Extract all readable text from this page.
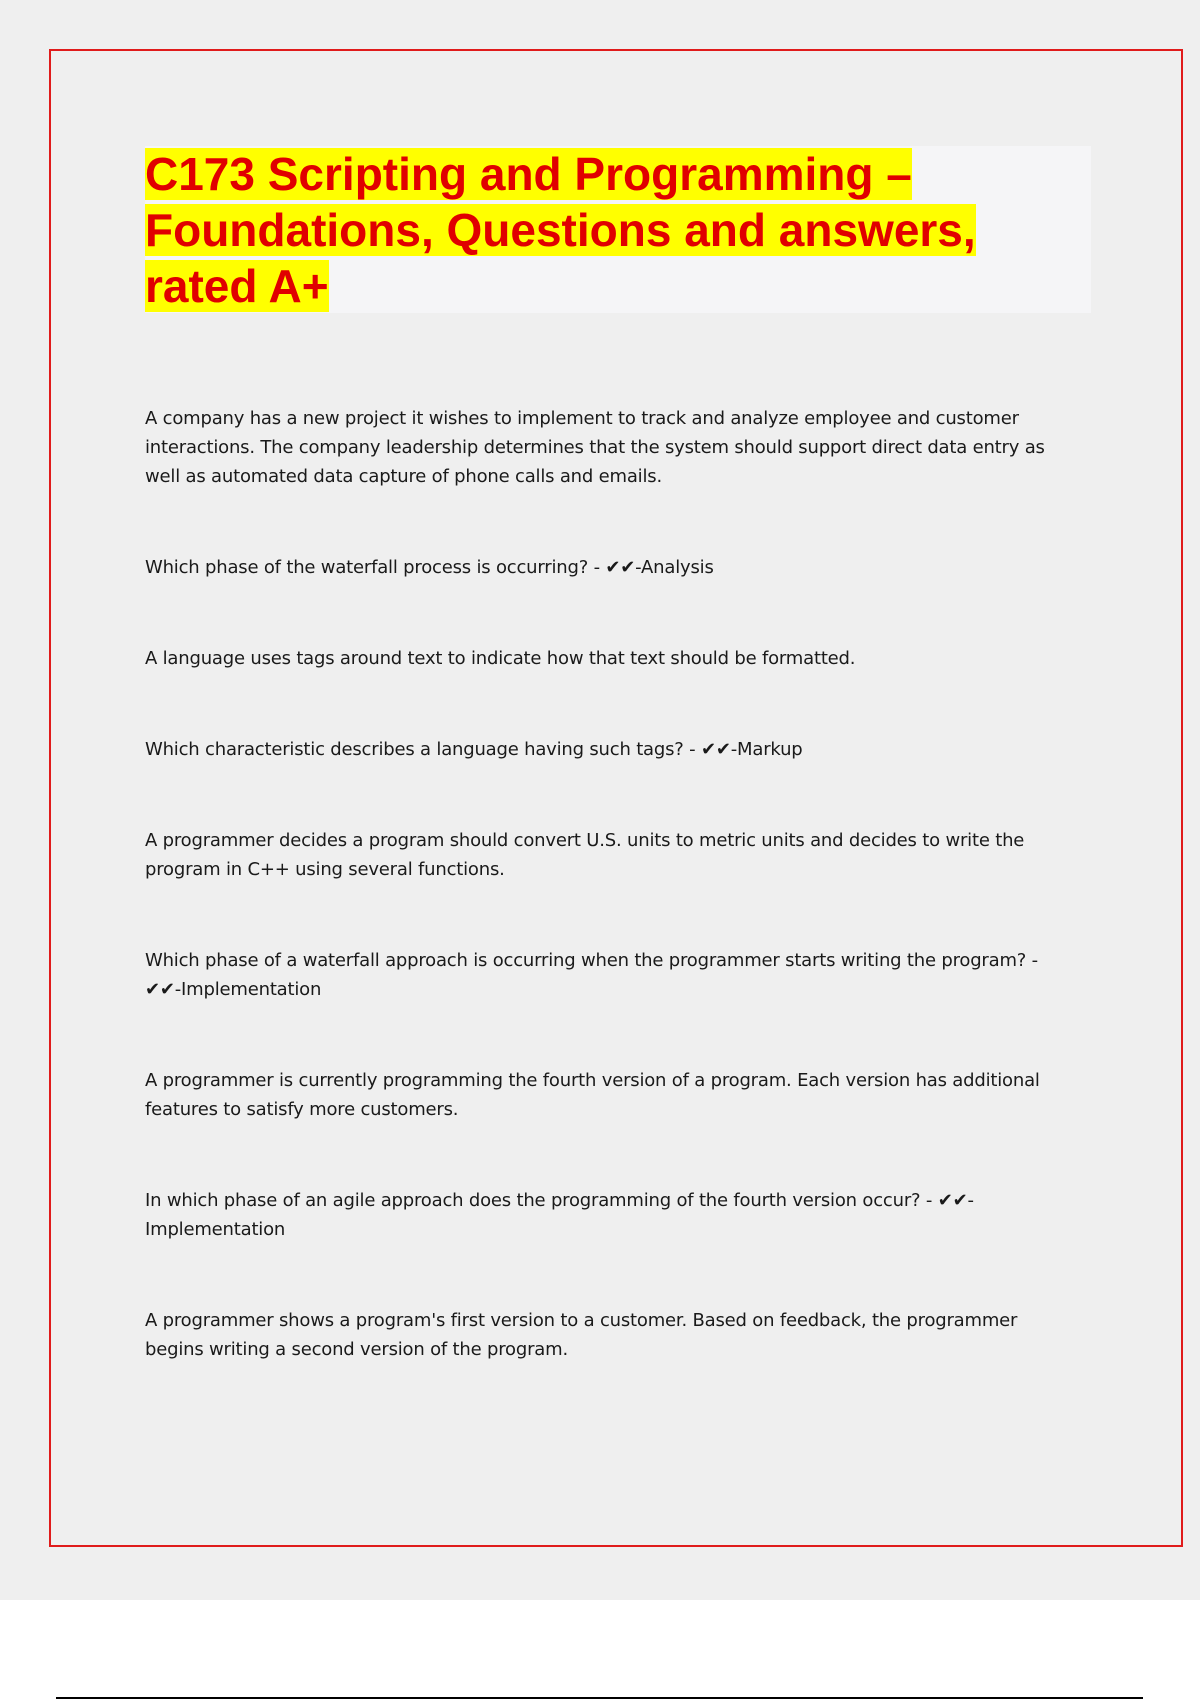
C173 Scripting and Programming –
Foundations, Questions and answers,
rated A+

A company has a new project it wishes to implement to track and analyze employee and customer interactions. The company leadership determines that the system should support direct data entry as well as automated data capture of phone calls and emails.

Which phase of the waterfall process is occurring? - ✔✔-Analysis

A language uses tags around text to indicate how that text should be formatted.

Which characteristic describes a language having such tags? - ✔✔-Markup

A programmer decides a program should convert U.S. units to metric units and decides to write the program in C++ using several functions.

Which phase of a waterfall approach is occurring when the programmer starts writing the program? - ✔✔-Implementation

A programmer is currently programming the fourth version of a program. Each version has additional features to satisfy more customers.

In which phase of an agile approach does the programming of the fourth version occur? - ✔✔-Implementation

A programmer shows a program's first version to a customer. Based on feedback, the programmer begins writing a second version of the program.
